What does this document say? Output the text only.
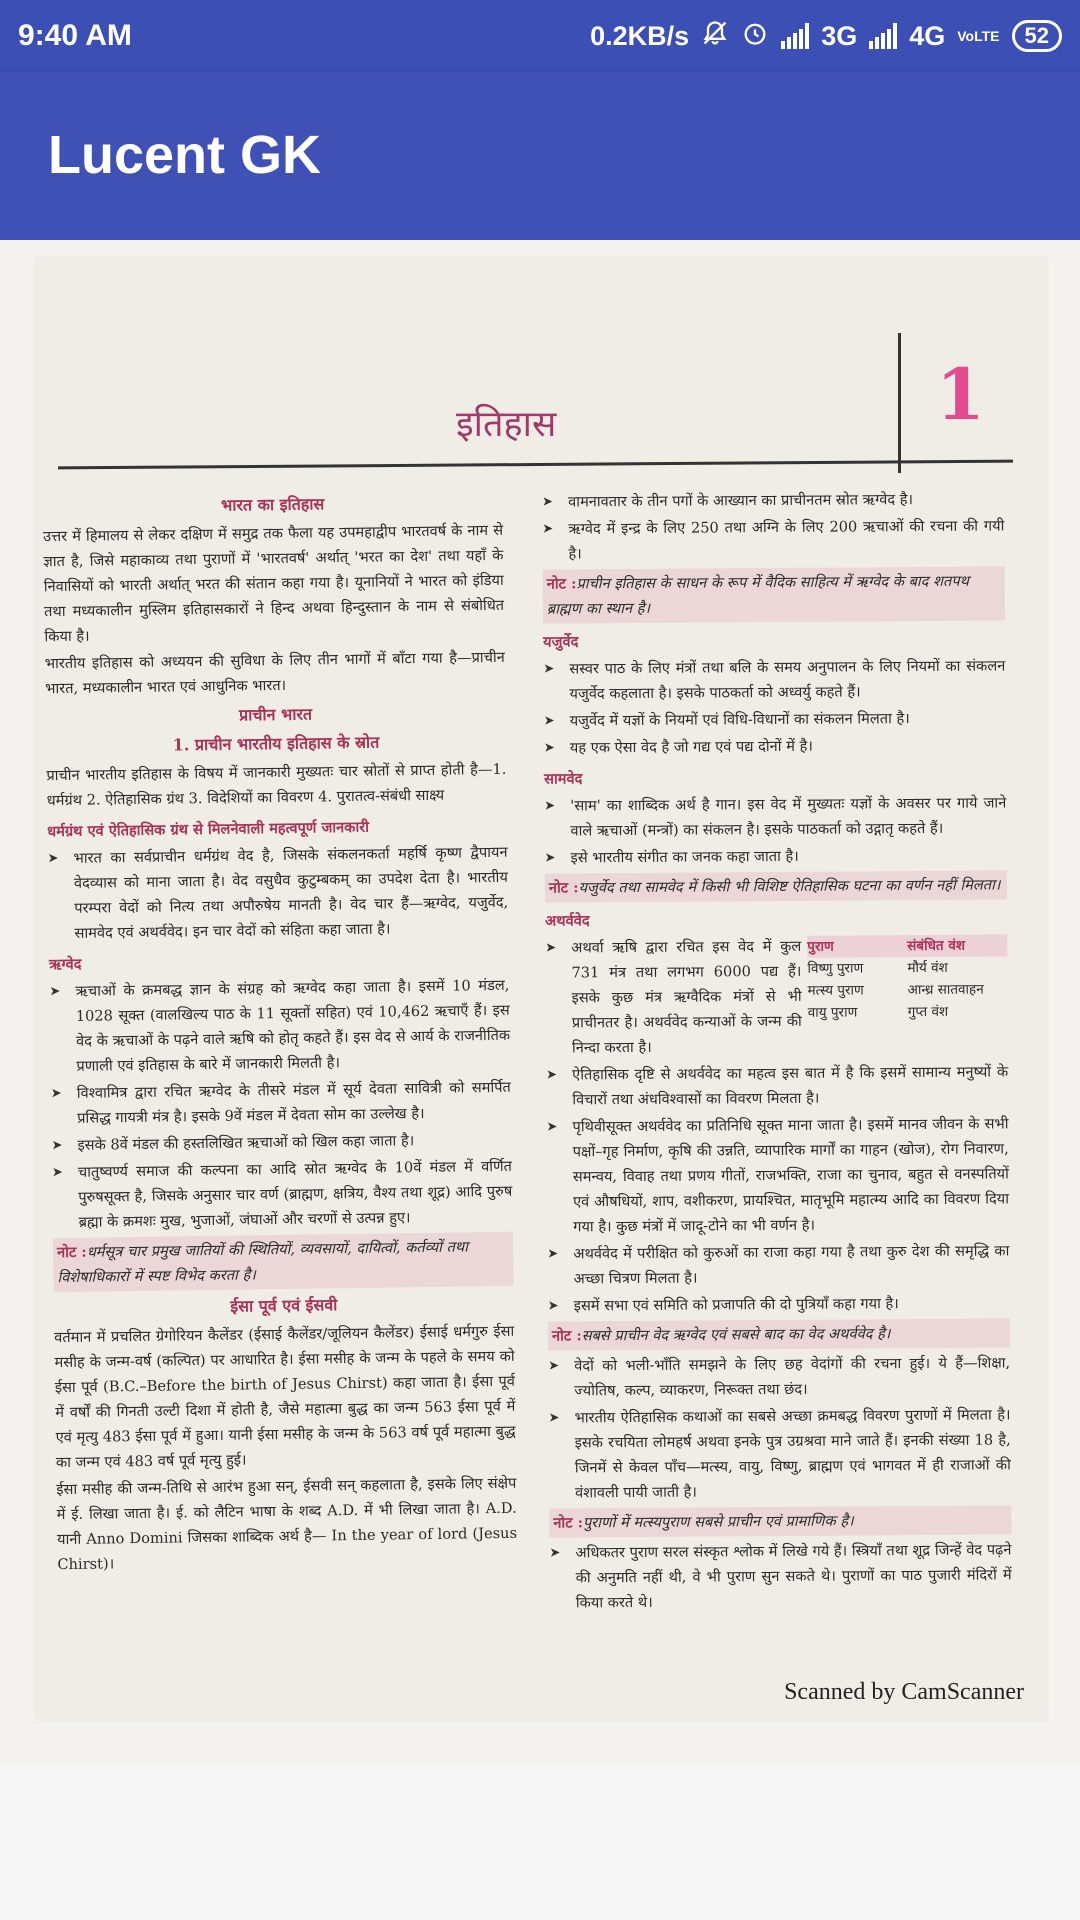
9:40 AM	0.2KB/s	3G 4G VoLTE 52
Lucent GK
इतिहास	1
भारत का इतिहास

उत्तर में हिमालय से लेकर दक्षिण में समुद्र तक फैला यह उपमहाद्वीप भारतवर्ष के नाम से ज्ञात है, जिसे महाकाव्य तथा पुराणों में 'भारतवर्ष' अर्थात् 'भरत का देश' तथा यहाँ के निवासियों को भारती अर्थात् भरत की संतान कहा गया है। यूनानियों ने भारत को इंडिया तथा मध्यकालीन मुस्लिम इतिहासकारों ने हिन्द अथवा हिन्दुस्तान के नाम से संबोधित किया है।

भारतीय इतिहास को अध्ययन की सुविधा के लिए तीन भागों में बाँटा गया है—प्राचीन भारत, मध्यकालीन भारत एवं आधुनिक भारत।

प्राचीन भारत
1. प्राचीन भारतीय इतिहास के स्रोत

प्राचीन भारतीय इतिहास के विषय में जानकारी मुख्यतः चार स्रोतों से प्राप्त होती है—1. धर्मग्रंथ 2. ऐतिहासिक ग्रंथ 3. विदेशियों का विवरण 4. पुरातत्व-संबंधी साक्ष्य

धर्मग्रंथ एवं ऐतिहासिक ग्रंथ से मिलनेवाली महत्वपूर्ण जानकारी
➤ भारत का सर्वप्राचीन धर्मग्रंथ वेद है, जिसके संकलनकर्ता महर्षि कृष्ण द्वैपायन वेदव्यास को माना जाता है। वेद वसुधैव कुटुम्बकम् का उपदेश देता है। भारतीय परम्परा वेदों को नित्य तथा अपौरुषेय मानती है। वेद चार हैं—ऋग्वेद, यजुर्वेद, सामवेद एवं अथर्ववेद। इन चार वेदों को संहिता कहा जाता है।
ऋग्वेद
➤ ऋचाओं के क्रमबद्ध ज्ञान के संग्रह को ऋग्वेद कहा जाता है। इसमें 10 मंडल, 1028 सूक्त (वालखिल्य पाठ के 11 सूक्तों सहित) एवं 10,462 ऋचाएँ हैं। इस वेद के ऋचाओं के पढ़ने वाले ऋषि को होतृ कहते हैं। इस वेद से आर्य के राजनीतिक प्रणाली एवं इतिहास के बारे में जानकारी मिलती है।
➤ विश्वामित्र द्वारा रचित ऋग्वेद के तीसरे मंडल में सूर्य देवता सावित्री को समर्पित प्रसिद्ध गायत्री मंत्र है। इसके 9वें मंडल में देवता सोम का उल्लेख है।
➤ इसके 8वें मंडल की हस्तलिखित ऋचाओं को खिल कहा जाता है।
➤ चातुष्वर्ण्य समाज की कल्पना का आदि स्रोत ऋग्वेद के 10वें मंडल में वर्णित पुरुषसूक्त है, जिसके अनुसार चार वर्ण (ब्राह्मण, क्षत्रिय, वैश्य तथा शूद्र) आदि पुरुष ब्रह्मा के क्रमशः मुख, भुजाओं, जंघाओं और चरणों से उत्पन्न हुए।
नोट :धर्मसूत्र चार प्रमुख जातियों की स्थितियों, व्यवसायों, दायित्वों, कर्तव्यों तथा विशेषाधिकारों में स्पष्ट विभेद करता है।
ईसा पूर्व एवं ईसवी

वर्तमान में प्रचलित ग्रेगोरियन कैलेंडर (ईसाई कैलेंडर/जूलियन कैलेंडर) ईसाई धर्मगुरु ईसा मसीह के जन्म-वर्ष (कल्पित) पर आधारित है। ईसा मसीह के जन्म के पहले के समय को ईसा पूर्व (B.C.–Before the birth of Jesus Chirst) कहा जाता है। ईसा पूर्व में वर्षों की गिनती उल्टी दिशा में होती है, जैसे महात्मा बुद्ध का जन्म 563 ईसा पूर्व में एवं मृत्यु 483 ईसा पूर्व में हुआ। यानी ईसा मसीह के जन्म के 563 वर्ष पूर्व महात्मा बुद्ध का जन्म एवं 483 वर्ष पूर्व मृत्यु हुई।

ईसा मसीह की जन्म-तिथि से आरंभ हुआ सन्, ईसवी सन् कहलाता है, इसके लिए संक्षेप में ई. लिखा जाता है। ई. को लैटिन भाषा के शब्द A.D. में भी लिखा जाता है। A.D. यानी Anno Domini जिसका शाब्दिक अर्थ है— In the year of lord (Jesus Chirst)।

➤ वामनावतार के तीन पगों के आख्यान का प्राचीनतम स्रोत ऋग्वेद है।
➤ ऋग्वेद में इन्द्र के लिए 250 तथा अग्नि के लिए 200 ऋचाओं की रचना की गयी है।
नोट :प्राचीन इतिहास के साधन के रूप में वैदिक साहित्य में ऋग्वेद के बाद शतपथ ब्राह्मण का स्थान है।
यजुर्वेद
➤ सस्वर पाठ के लिए मंत्रों तथा बलि के समय अनुपालन के लिए नियमों का संकलन यजुर्वेद कहलाता है। इसके पाठकर्ता को अध्वर्यु कहते हैं।
➤ यजुर्वेद में यज्ञों के नियमों एवं विधि-विधानों का संकलन मिलता है।
➤ यह एक ऐसा वेद है जो गद्य एवं पद्य दोनों में है।
सामवेद
➤ 'साम' का शाब्दिक अर्थ है गान। इस वेद में मुख्यतः यज्ञों के अवसर पर गाये जाने वाले ऋचाओं (मन्त्रों) का संकलन है। इसके पाठकर्ता को उद्गातृ कहते हैं।
➤ इसे भारतीय संगीत का जनक कहा जाता है।
नोट :यजुर्वेद तथा सामवेद में किसी भी विशिष्ट ऐतिहासिक घटना का वर्णन नहीं मिलता।
अथर्ववेद
➤ पुराण	संबंधित वंश
विष्णु पुराण	मौर्य वंश
मत्स्य पुराण	आन्ध्र सातवाहन
वायु पुराण	गुप्त वंश
अथर्वा ऋषि द्वारा रचित इस वेद में कुल 731 मंत्र तथा लगभग 6000 पद्य हैं। इसके कुछ मंत्र ऋग्वैदिक मंत्रों से भी प्राचीनतर है। अथर्ववेद कन्याओं के जन्म की निन्दा करता है।
➤ ऐतिहासिक दृष्टि से अथर्ववेद का महत्व इस बात में है कि इसमें सामान्य मनुष्यों के विचारों तथा अंधविश्वासों का विवरण मिलता है।
➤ पृथिवीसूक्त अथर्ववेद का प्रतिनिधि सूक्त माना जाता है। इसमें मानव जीवन के सभी पक्षों–गृह निर्माण, कृषि की उन्नति, व्यापारिक मार्गों का गाहन (खोज), रोग निवारण, समन्वय, विवाह तथा प्रणय गीतों, राजभक्ति, राजा का चुनाव, बहुत से वनस्पतियों एवं औषधियों, शाप, वशीकरण, प्रायश्चित, मातृभूमि महात्म्य आदि का विवरण दिया गया है। कुछ मंत्रों में जादू-टोने का भी वर्णन है।
➤ अथर्ववेद में परीक्षित को कुरुओं का राजा कहा गया है तथा कुरु देश की समृद्धि का अच्छा चित्रण मिलता है।
➤ इसमें सभा एवं समिति को प्रजापति की दो पुत्रियाँ कहा गया है।
नोट :सबसे प्राचीन वेद ऋग्वेद एवं सबसे बाद का वेद अथर्ववेद है।
➤ वेदों को भली-भाँति समझने के लिए छह वेदांगों की रचना हुई। ये हैं—शिक्षा, ज्योतिष, कल्प, व्याकरण, निरूक्त तथा छंद।
➤ भारतीय ऐतिहासिक कथाओं का सबसे अच्छा क्रमबद्ध विवरण पुराणों में मिलता है। इसके रचयिता लोमहर्ष अथवा इनके पुत्र उग्रश्रवा माने जाते हैं। इनकी संख्या 18 है, जिनमें से केवल पाँच—मत्स्य, वायु, विष्णु, ब्राह्मण एवं भागवत में ही राजाओं की वंशावली पायी जाती है।
नोट :पुराणों में मत्स्यपुराण सबसे प्राचीन एवं प्रामाणिक है।
➤ अधिकतर पुराण सरल संस्कृत श्लोक में लिखे गये हैं। स्त्रियाँ तथा शूद्र जिन्हें वेद पढ़ने की अनुमति नहीं थी, वे भी पुराण सुन सकते थे। पुराणों का पाठ पुजारी मंदिरों में किया करते थे।
Scanned by CamScanner
